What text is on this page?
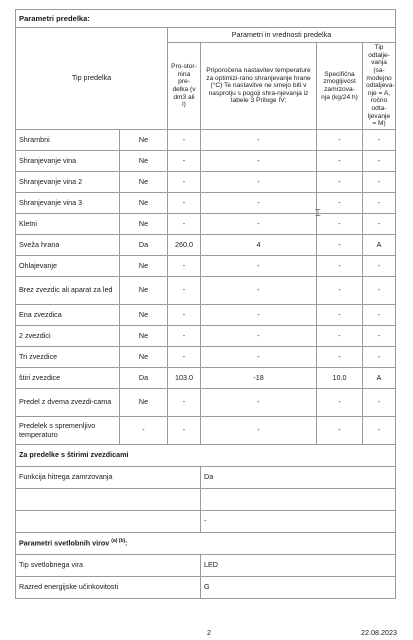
Parametri predelka:					
Tip predelka		Parametri in vrednosti predelka			
		Pro-stor-nina pre-delka (v dm3 ali l)	Priporočena nastavitev temperature za optimizi-rano shranjevanje hrane (°C) Te nastavitve ne smejo biti v nasprotju s pogoji shra-njevanja iz tabele 3 Priloge IV;	Specifična zmogljivost zamrzova-nja (kg/24 h)	Tip odtalje-vanja (sa-modejno odtaljeva-nje = A, ročno odta-ljevanje = M)
Shrambni	Ne	-	-	-	-
Shranjevanje vina	Ne	-	-	-	-
Shranjevanje vina 2	Ne	-	-	-	-
Shranjevanje vina 3	Ne	-	-	-	-
Kletni	Ne	-	-	-	-
Sveža hrana	Da	260.0	4	-	A
Ohlajevanje	Ne	-	-	-	-
Brez zvezdic ali aparat za led	Ne	-	-	-	-
Ena zvezdica	Ne	-	-	-	-
2 zvezdici	Ne	-	-	-	-
Tri zvezdice	Ne	-	-	-	-
štiri zvezdice	Da	103.0	-18	10.0	A
Predel z dvema zvezdi-cama	Ne	-	-	-	-
Predelek s spremenljivo temperaturo	-	-	-	-	-
Za predelke s štirimi zvezdicami					
Funkcija hitrega zamrzovanja			Da		

			-		
Parametri svetlobnih virov $^{(a) (b)}$:					
Tip svetlobnega vira			LED		
Razred energijske učinkovitosti			G		
⌶
2	22.08.2023
